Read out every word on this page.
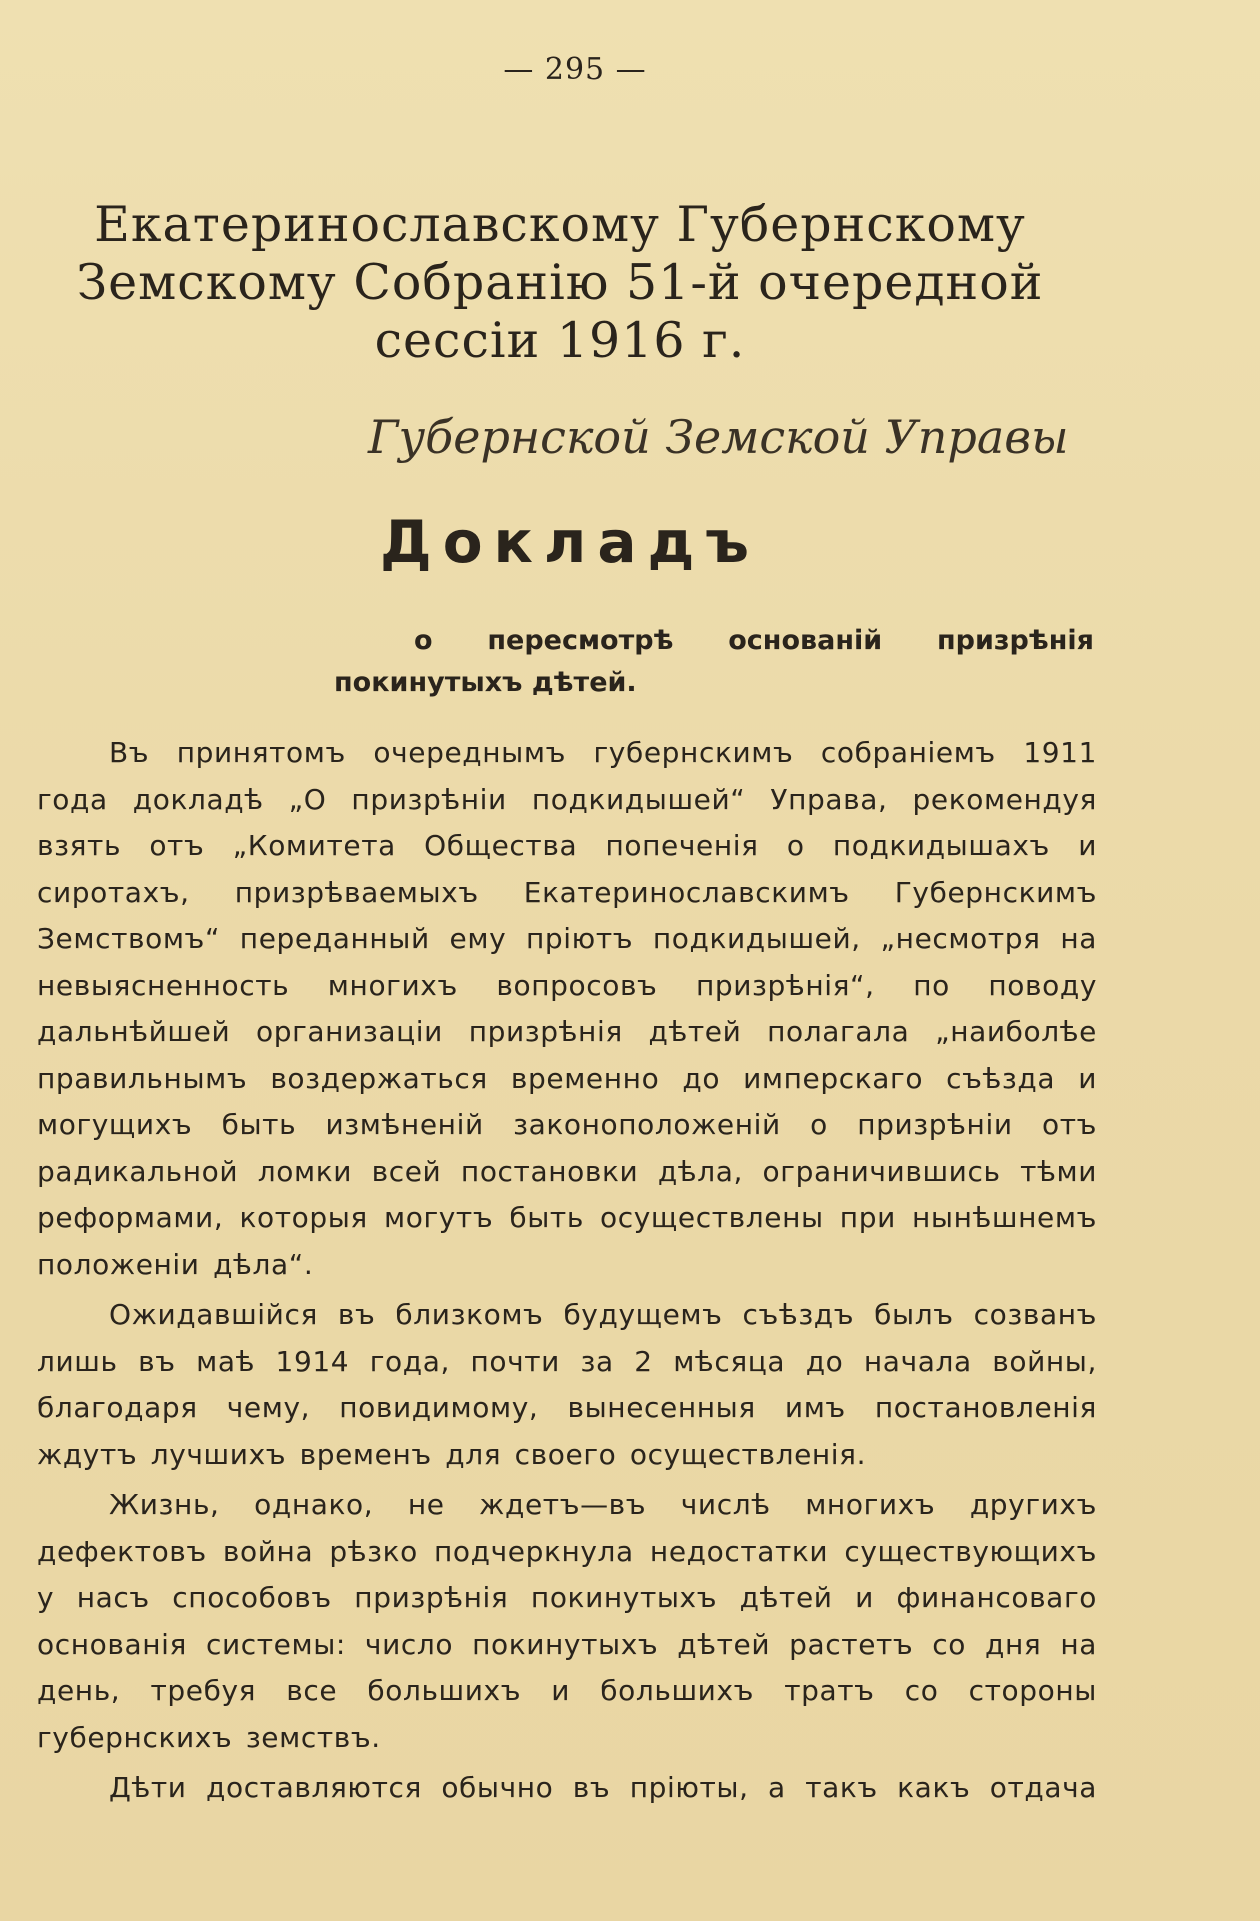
— 295 —
Екатеринославскому Губернскому Земскому Собранію 51-й очередной сессіи 1916 г.
Губернской Земской Управы
Докладъ
о пересмотрѣ основаній призрѣнія покинутыхъ дѣтей.

Въ принятомъ очереднымъ губернскимъ собраніемъ 1911 года докладѣ „О призрѣніи подкидышей“ Управа, рекомендуя взять отъ „Комитета Общества попеченія о подкидышахъ и сиротахъ, призрѣваемыхъ Екатеринославскимъ Губернскимъ Земствомъ“ переданный ему пріютъ подкидышей, „несмотря на невыясненность многихъ вопросовъ призрѣнія“, по поводу дальнѣйшей организаціи призрѣнія дѣтей полагала „наиболѣе правильнымъ воздержаться временно до имперскаго съѣзда и могущихъ быть измѣненій законоположеній о призрѣніи отъ радикальной ломки всей постановки дѣла, ограничившись тѣми реформами, которыя могутъ быть осуществлены при нынѣшнемъ положеніи дѣла“.

Ожидавшійся въ близкомъ будущемъ съѣздъ былъ созванъ лишь въ маѣ 1914 года, почти за 2 мѣсяца до начала войны, благодаря чему, повидимому, вынесенныя имъ постановленія ждутъ лучшихъ временъ для своего осуществленія.

Жизнь, однако, не ждетъ—въ числѣ многихъ другихъ дефектовъ война рѣзко подчеркнула недостатки существующихъ у насъ способовъ призрѣнія покинутыхъ дѣтей и финансоваго основанія системы: число покинутыхъ дѣтей растетъ со дня на день, требуя все большихъ и большихъ тратъ со стороны губернскихъ земствъ.

Дѣти доставляются обычно въ пріюты, а такъ какъ отдача
